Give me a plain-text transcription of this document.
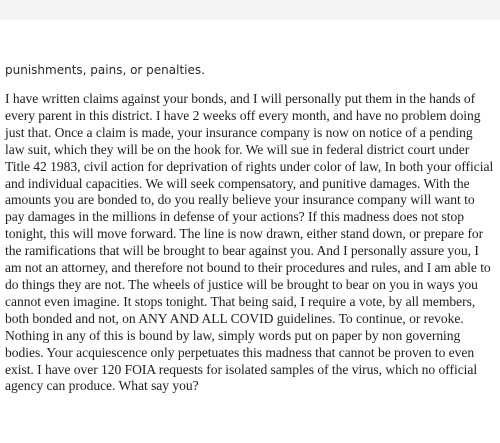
punishments, pains, or penalties.

I have written claims against your bonds, and I will personally put them in the hands of every parent in this district. I have 2 weeks off every month, and have no problem doing just that. Once a claim is made, your insurance company is now on notice of a pending law suit, which they will be on the hook for. We will sue in federal district court under Title 42 1983, civil action for deprivation of rights under color of law, In both your official and individual capacities. We will seek compensatory, and punitive damages. With the amounts you are bonded to, do you really believe your insurance company will want to pay damages in the millions in defense of your actions? If this madness does not stop tonight, this will move forward. The line is now drawn, either stand down, or prepare for the ramifications that will be brought to bear against you. And I personally assure you, I am not an attorney, and therefore not bound to their procedures and rules, and I am able to do things they are not. The wheels of justice will be brought to bear on you in ways you cannot even imagine. It stops tonight. That being said, I require a vote, by all members, both bonded and not, on ANY AND ALL COVID guidelines. To continue, or revoke. Nothing in any of this is bound by law, simply words put on paper by non governing bodies. Your acquiescence only perpetuates this madness that cannot be proven to even exist. I have over 120 FOIA requests for isolated samples of the virus, which no official agency can produce. What say you?
